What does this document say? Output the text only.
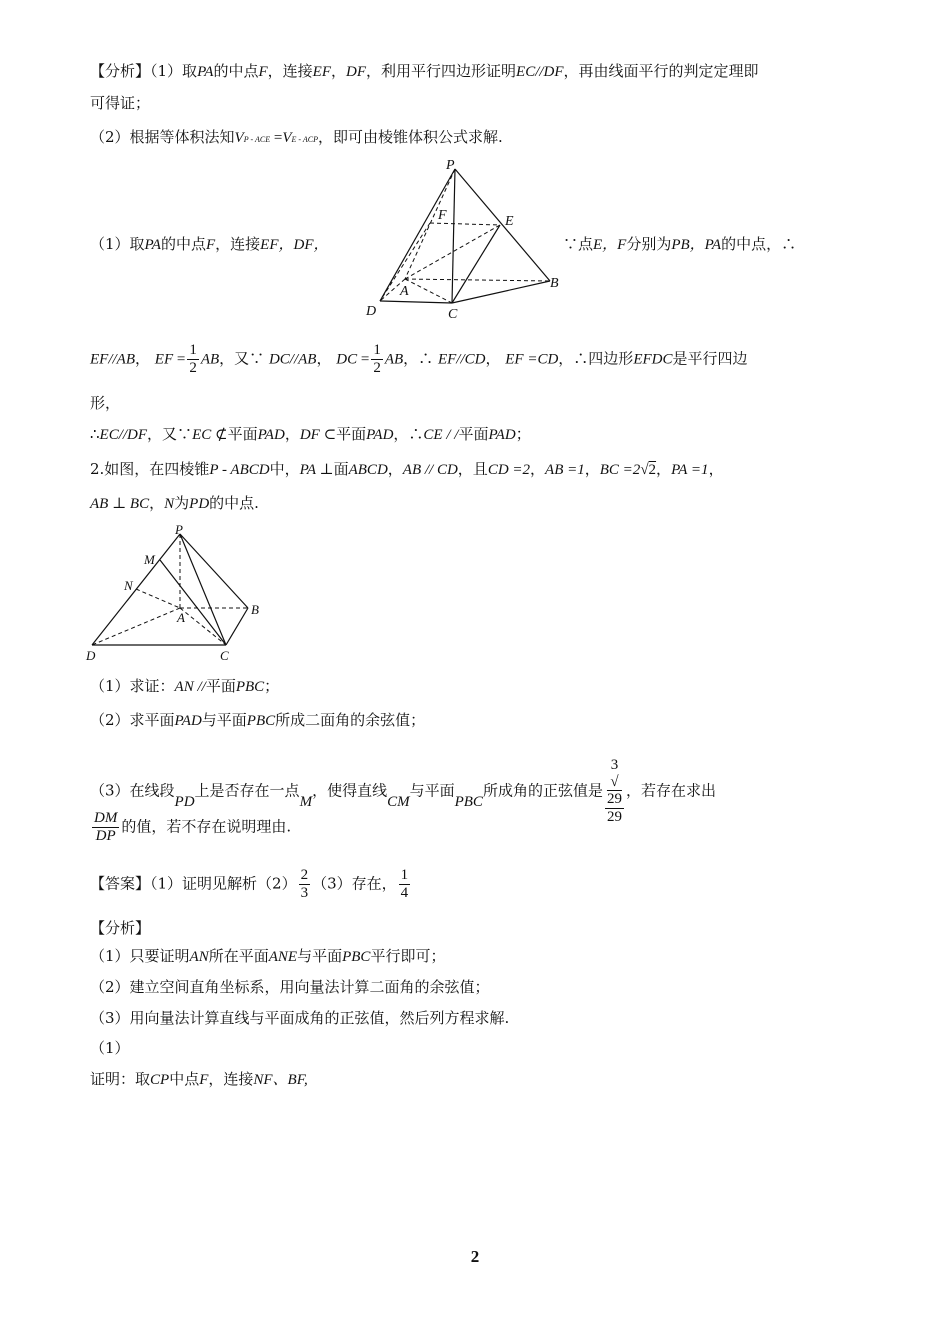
【分析】（1）取PA的中点F，连接EF，DF，利用平行四边形证明EC//DF，再由线面平行的判定定理即
可得证；
（2）根据等体积法知VP - ACE =VE - ACP，即可由棱锥体积公式求解.
P
F	E
A
B
C
D
（1）取PA的中点F，连接EF，DF，	∵点E，F分别为PB，PA的中点，∴
EF//AB， EF = $\frac{1}{2}$ AB，又∵ DC//AB， DC = $\frac{1}{2}$ AB，∴ EF//CD， EF =CD，∴四边形EFDC是平行四边
形，
∴EC//DF，又∵EC ⊄平面PAD，DF ⊂平面PAD，∴CE / /平面PAD；
2.如图，在四棱锥P - ABCD中，PA ⊥面ABCD，AB // CD，且CD =2，AB =1，BC =2√2，PA =1，
AB ⊥ BC，N为PD的中点.
P
M
N
A
B
C
D
（1）求证：AN //平面PBC；
（2）求平面PAD与平面PBC所成二面角的余弦值；
（3）在线段PD上是否存在一点M，使得直线CM与平面PBC所成角的正弦值是 3
√
29
29 ，若存在求出
$\frac{DM}{DP}$ 的值，若不存在说明理由.
【答案】（1）证明见解析$(2) \frac{2}{3} (3)$存在， $\frac{1}{4}$
【分析】
（1）只要证明AN所在平面ANE与平面PBC平行即可；
（2）建立空间直角坐标系，用向量法计算二面角的余弦值；
（3）用向量法计算直线与平面成角的正弦值，然后列方程求解.
（1）
证明：取CP中点F，连接NF、BF,
2
